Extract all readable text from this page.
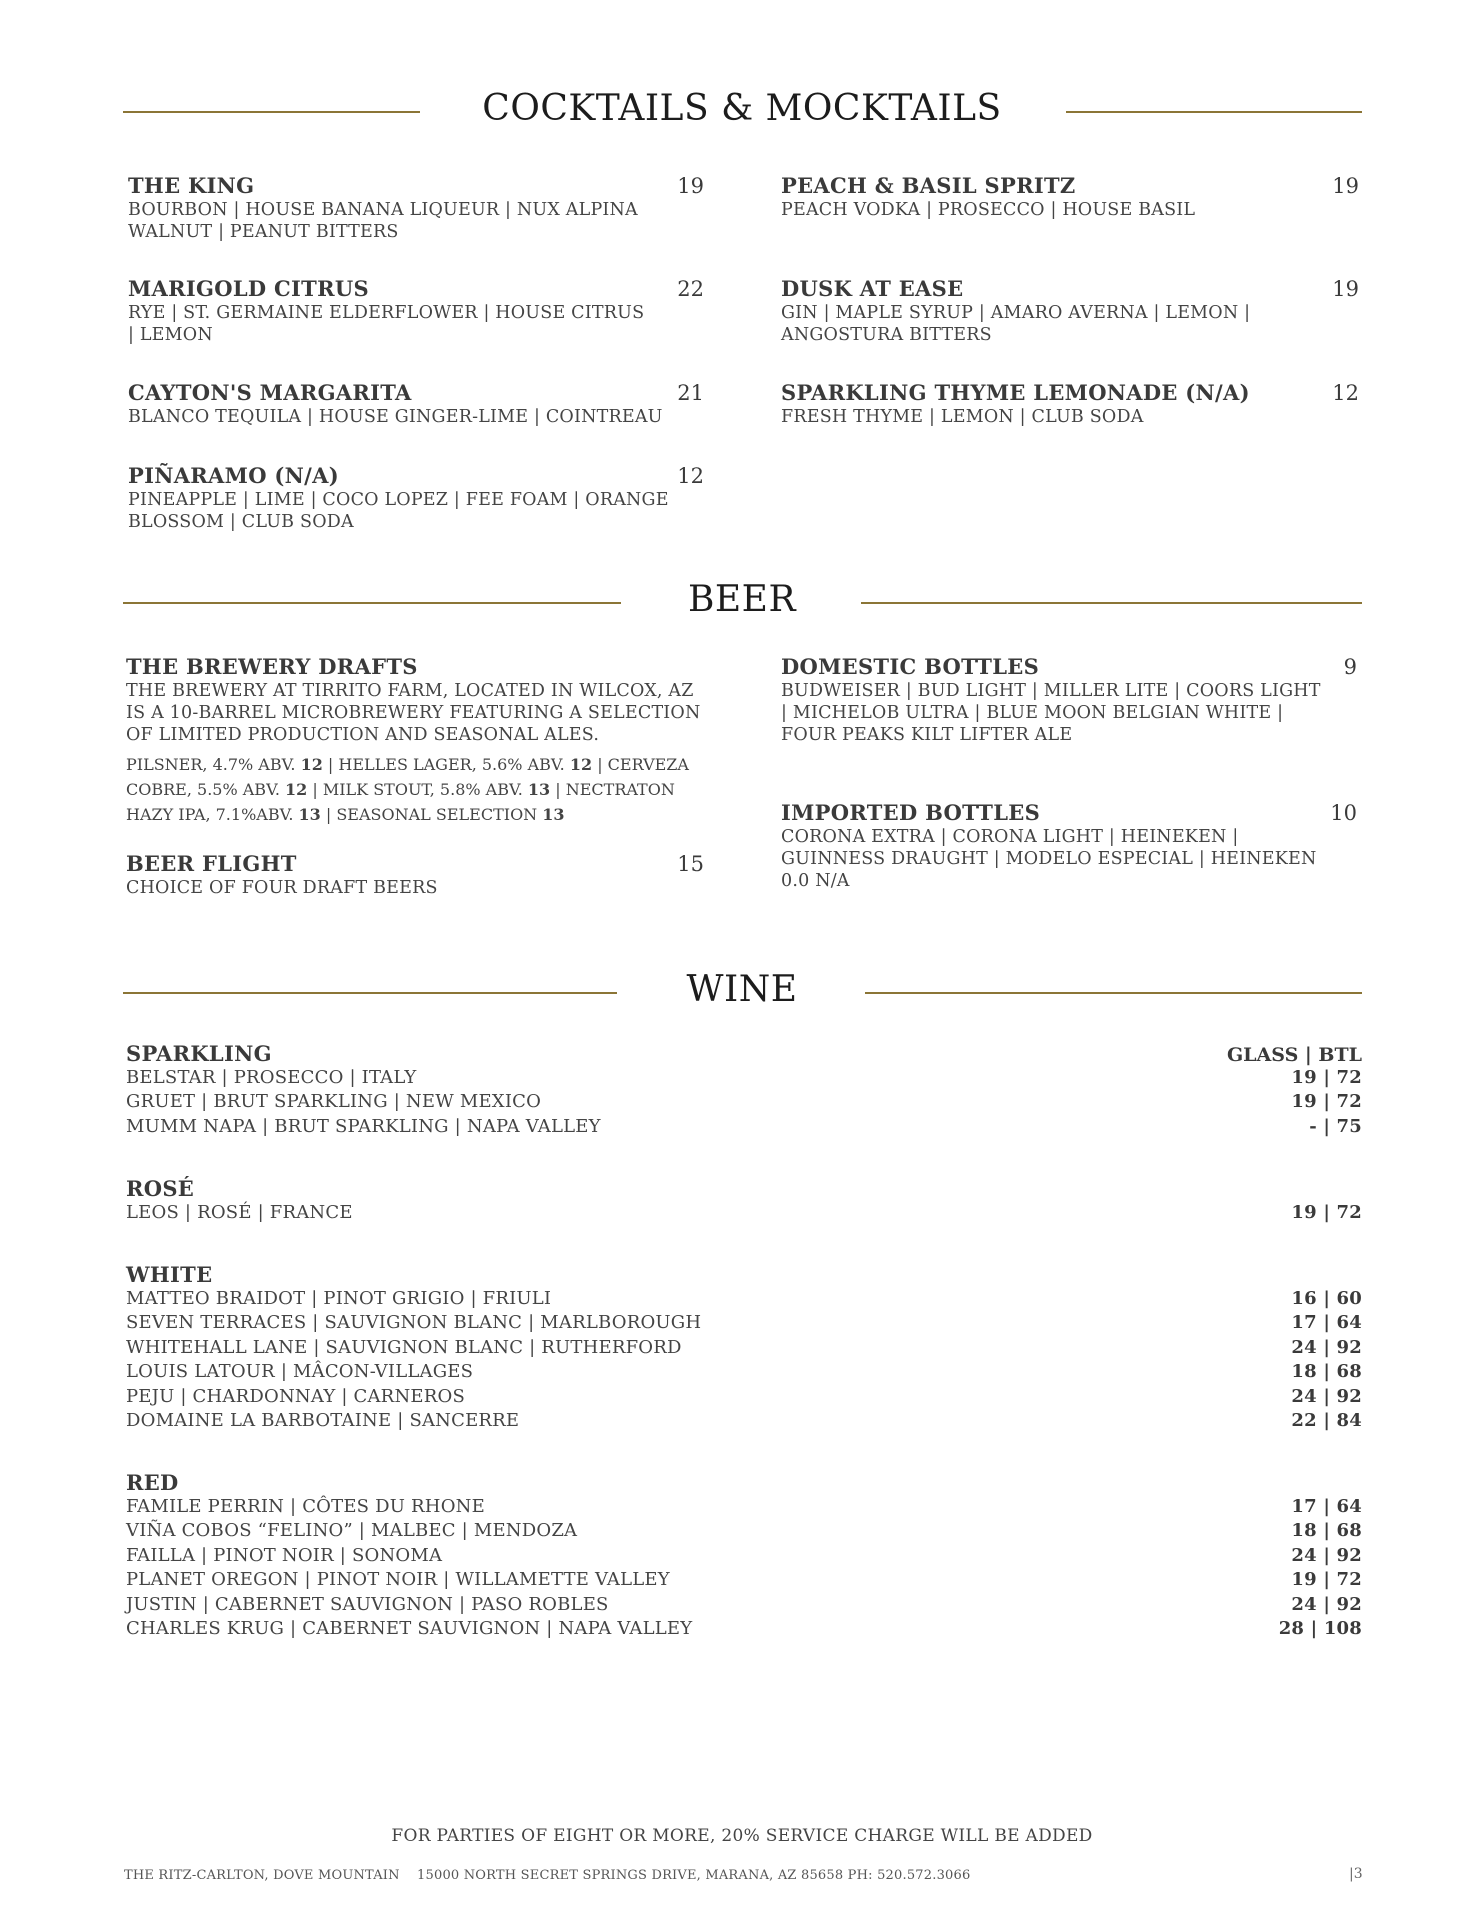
COCKTAILS & MOCKTAILS
THE KING	19
BOURBON | HOUSE BANANA LIQUEUR | NUX ALPINA WALNUT | PEANUT BITTERS
MARIGOLD CITRUS	22
RYE | ST. GERMAINE ELDERFLOWER | HOUSE CITRUS | LEMON
CAYTON'S MARGARITA	21
BLANCO TEQUILA | HOUSE GINGER-LIME | COINTREAU
PIÑARAMO (N/A)	12
PINEAPPLE | LIME | COCO LOPEZ | FEE FOAM | ORANGE BLOSSOM | CLUB SODA
PEACH & BASIL SPRITZ	19
PEACH VODKA | PROSECCO | HOUSE BASIL
DUSK AT EASE	19
GIN | MAPLE SYRUP | AMARO AVERNA | LEMON | ANGOSTURA BITTERS
SPARKLING THYME LEMONADE (N/A)	12
FRESH THYME | LEMON | CLUB SODA
BEER
THE BREWERY DRAFTS
THE BREWERY AT TIRRITO FARM, LOCATED IN WILCOX, AZ IS A 10-BARREL MICROBREWERY FEATURING A SELECTION OF LIMITED PRODUCTION AND SEASONAL ALES.
PILSNER, 4.7% ABV. 12 | HELLES LAGER, 5.6% ABV. 12 | CERVEZA COBRE, 5.5% ABV. 12 | MILK STOUT, 5.8% ABV. 13 | NECTRATON HAZY IPA, 7.1%ABV. 13 | SEASONAL SELECTION 13
BEER FLIGHT	15
CHOICE OF FOUR DRAFT BEERS
DOMESTIC BOTTLES	9
BUDWEISER | BUD LIGHT | MILLER LITE | COORS LIGHT | MICHELOB ULTRA | BLUE MOON BELGIAN WHITE | FOUR PEAKS KILT LIFTER ALE
IMPORTED BOTTLES	10
CORONA EXTRA | CORONA LIGHT | HEINEKEN | GUINNESS DRAUGHT | MODELO ESPECIAL | HEINEKEN 0.0 N/A
WINE
SPARKLING	GLASS | BTL
BELSTAR | PROSECCO | ITALY	19 | 72
GRUET | BRUT SPARKLING | NEW MEXICO	19 | 72
MUMM NAPA | BRUT SPARKLING | NAPA VALLEY	- | 75
ROSÉ
LEOS | ROSÉ | FRANCE	19 | 72
WHITE
MATTEO BRAIDOT | PINOT GRIGIO | FRIULI	16 | 60
SEVEN TERRACES | SAUVIGNON BLANC | MARLBOROUGH	17 | 64
WHITEHALL LANE | SAUVIGNON BLANC | RUTHERFORD	24 | 92
LOUIS LATOUR | MÂCON-VILLAGES	18 | 68
PEJU | CHARDONNAY | CARNEROS	24 | 92
DOMAINE LA BARBOTAINE | SANCERRE	22 | 84
RED
FAMILE PERRIN | CÔTES DU RHONE	17 | 64
VIÑA COBOS “FELINO” | MALBEC | MENDOZA	18 | 68
FAILLA | PINOT NOIR | SONOMA	24 | 92
PLANET OREGON | PINOT NOIR | WILLAMETTE VALLEY	19 | 72
JUSTIN | CABERNET SAUVIGNON | PASO ROBLES	24 | 92
CHARLES KRUG | CABERNET SAUVIGNON | NAPA VALLEY	28 | 108
FOR PARTIES OF EIGHT OR MORE, 20% SERVICE CHARGE WILL BE ADDED
THE RITZ-CARLTON, DOVE MOUNTAIN    15000 NORTH SECRET SPRINGS DRIVE, MARANA, AZ 85658 PH: 520.572.3066	|3
